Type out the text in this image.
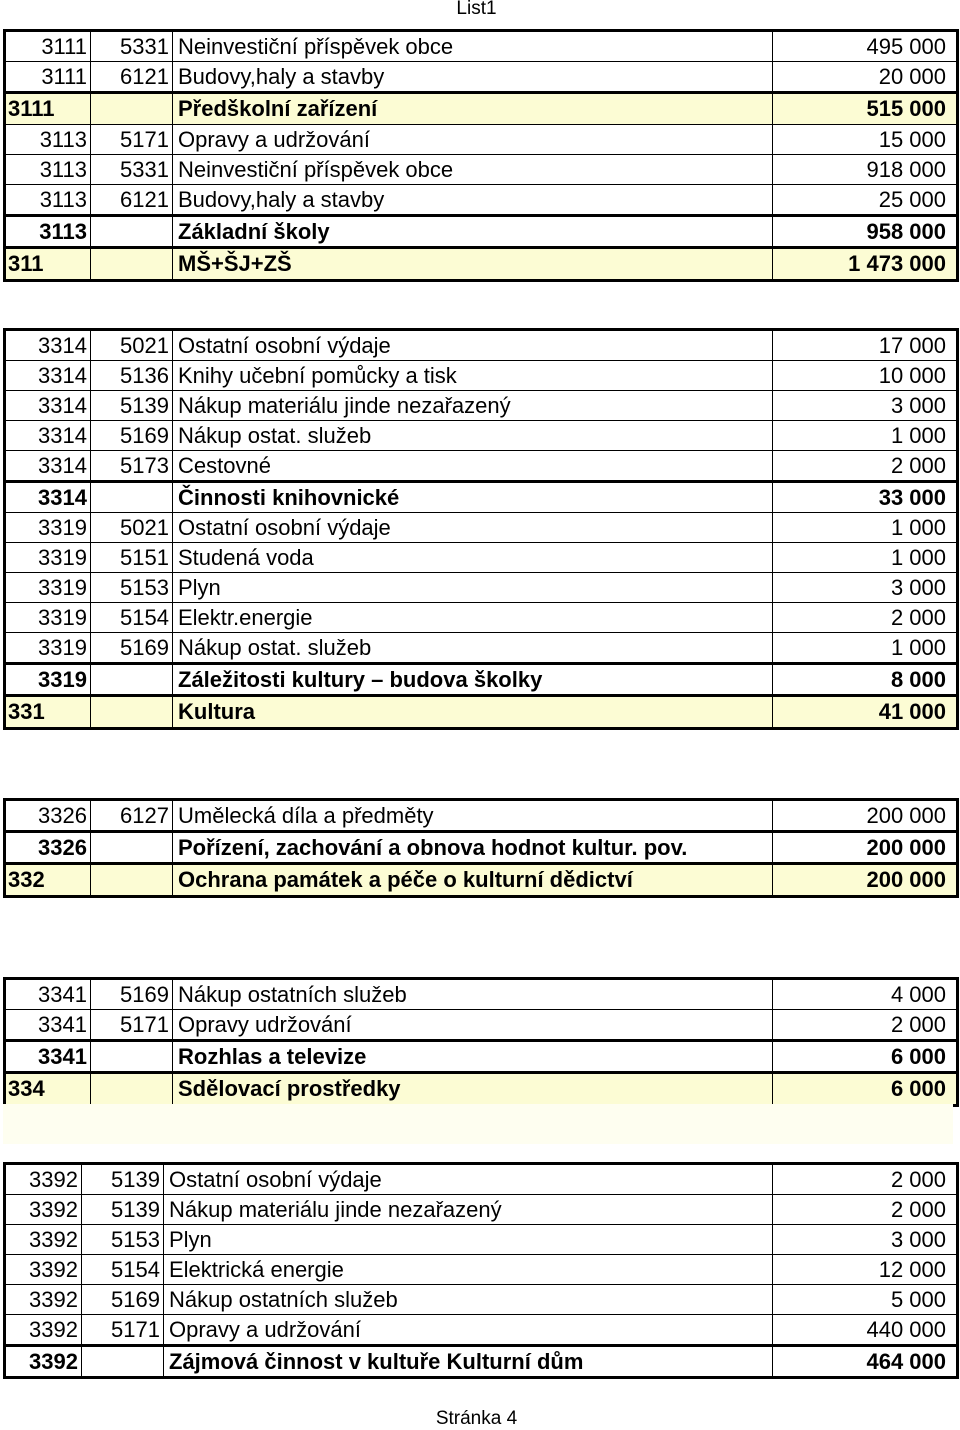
List1
3111	5331 Neinvestiční příspěvek obce	495 000
3111	6121 Budovy,haly a stavby	20 000
3111	Předškolní zařízení	515 000
3113	5171 Opravy a udržování	15 000
3113	5331 Neinvestiční příspěvek obce	918 000
3113	6121 Budovy,haly a stavby	25 000
3113	Základní školy	958 000
311	MŠ+ŠJ+ZŠ	1 473 000
3314	5021 Ostatní osobní výdaje	17 000
3314	5136 Knihy učební pomůcky a tisk	10 000
3314	5139 Nákup materiálu jinde nezařazený	3 000
3314	5169 Nákup ostat. služeb	1 000
3314	5173 Cestovné	2 000
3314	Činnosti knihovnické	33 000
3319	5021 Ostatní osobní výdaje	1 000
3319	5151 Studená voda	1 000
3319	5153 Plyn	3 000
3319	5154 Elektr.energie	2 000
3319	5169 Nákup ostat. služeb	1 000
3319	Záležitosti kultury – budova školky	8 000
331	Kultura	41 000
3326	6127 Umělecká díla a předměty	200 000
3326	Pořízení, zachování a obnova hodnot kultur. pov.	200 000
332	Ochrana památek a péče o kulturní dědictví	200 000
3341	5169 Nákup ostatních služeb	4 000
3341	5171 Opravy udržování	2 000
3341	Rozhlas a televize	6 000
334	Sdělovací prostředky	6 000
3392	5139 Ostatní osobní výdaje	2 000
3392	5139 Nákup materiálu jinde nezařazený	2 000
3392	5153 Plyn	3 000
3392	5154 Elektrická energie	12 000
3392	5169 Nákup ostatních služeb	5 000
3392	5171 Opravy a udržování	440 000
3392	Zájmová činnost v kultuře Kulturní dům	464 000
Stránka 4
